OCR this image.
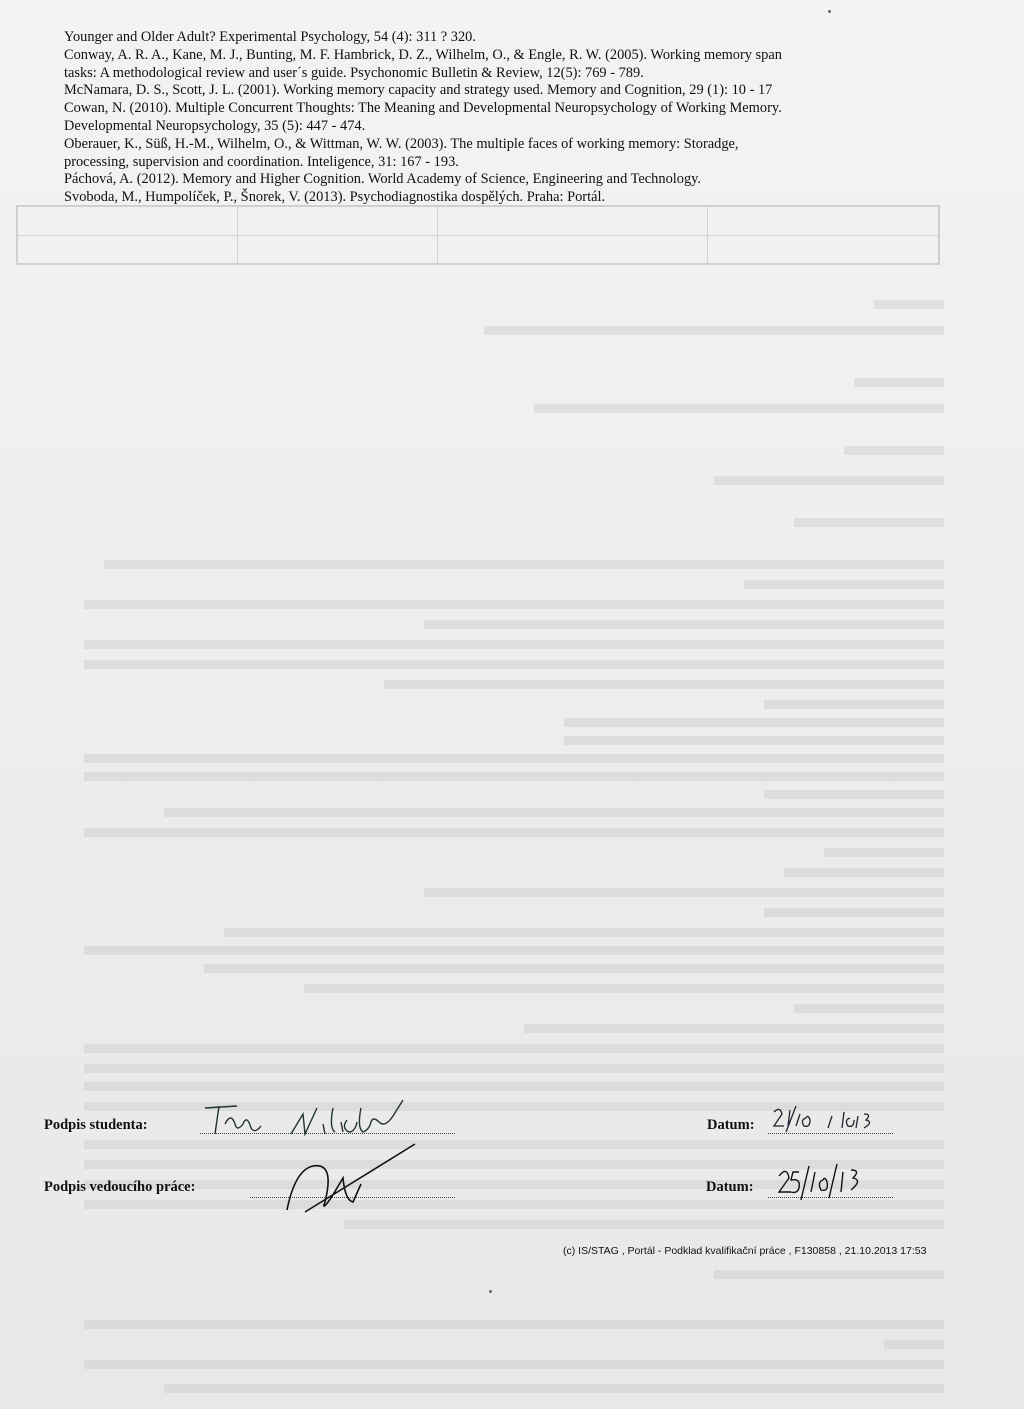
Younger and Older Adult? Experimental Psychology, 54 (4): 311 ? 320.

Conway, A. R. A., Kane, M. J., Bunting, M. F. Hambrick, D. Z., Wilhelm, O., & Engle, R. W. (2005). Working memory span

tasks: A methodological review and user´s guide. Psychonomic Bulletin & Review, 12(5): 769 - 789.

McNamara, D. S., Scott, J. L. (2001). Working memory capacity and strategy used. Memory and Cognition, 29 (1): 10 - 17

Cowan, N. (2010). Multiple Concurrent Thoughts: The Meaning and Developmental Neuropsychology of Working Memory.

Developmental Neuropsychology, 35 (5): 447 - 474.

Oberauer, K., Süß, H.-M., Wilhelm, O., & Wittman, W. W. (2003). The multiple faces of working memory: Storadge,

processing, supervision and coordination. Inteligence, 31: 167 - 193.

Páchová, A. (2012). Memory and Higher Cognition. World Academy of Science, Engineering and Technology.

Svoboda, M., Humpolíček, P., Šnorek, V. (2013). Psychodiagnostika dospělých. Praha: Portál.

Podpis studenta:	Datum:
Podpis vedoucího práce:	Datum:
(c) IS/STAG , Portál - Podklad kvalifikační práce , F130858 , 21.10.2013 17:53
